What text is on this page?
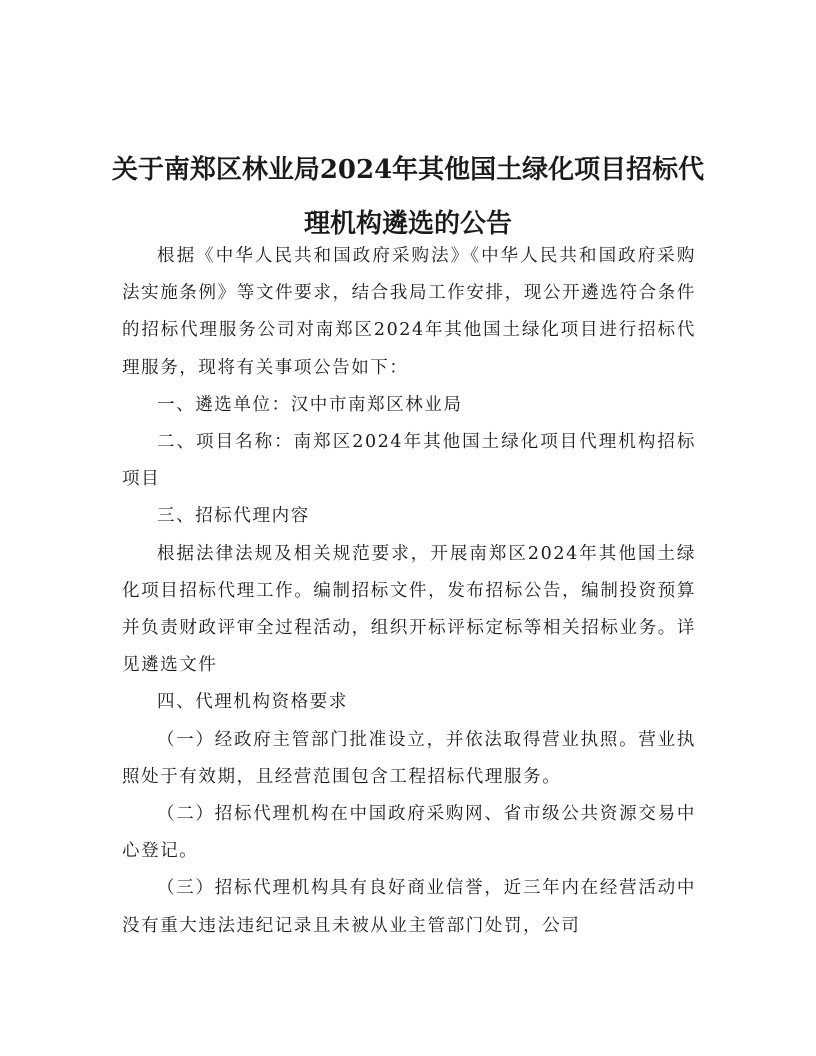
关于南郑区林业局2024年其他国土绿化项目招标代
理机构遴选的公告

根据《中华人民共和国政府采购法》《中华人民共和国政府采购法实施条例》等文件要求，结合我局工作安排，现公开遴选符合条件的招标代理服务公司对南郑区2024年其他国土绿化项目进行招标代理服务，现将有关事项公告如下：

一、遴选单位：汉中市南郑区林业局

二、项目名称：南郑区2024年其他国土绿化项目代理机构招标项目

三、招标代理内容

根据法律法规及相关规范要求，开展南郑区2024年其他国土绿化项目招标代理工作。编制招标文件，发布招标公告，编制投资预算并负责财政评审全过程活动，组织开标评标定标等相关招标业务。详见遴选文件

四、代理机构资格要求

（一）经政府主管部门批准设立，并依法取得营业执照。营业执照处于有效期，且经营范围包含工程招标代理服务。

（二）招标代理机构在中国政府采购网、省市级公共资源交易中心登记。

（三）招标代理机构具有良好商业信誉，近三年内在经营活动中没有重大违法违纪记录且未被从业主管部门处罚，公司
